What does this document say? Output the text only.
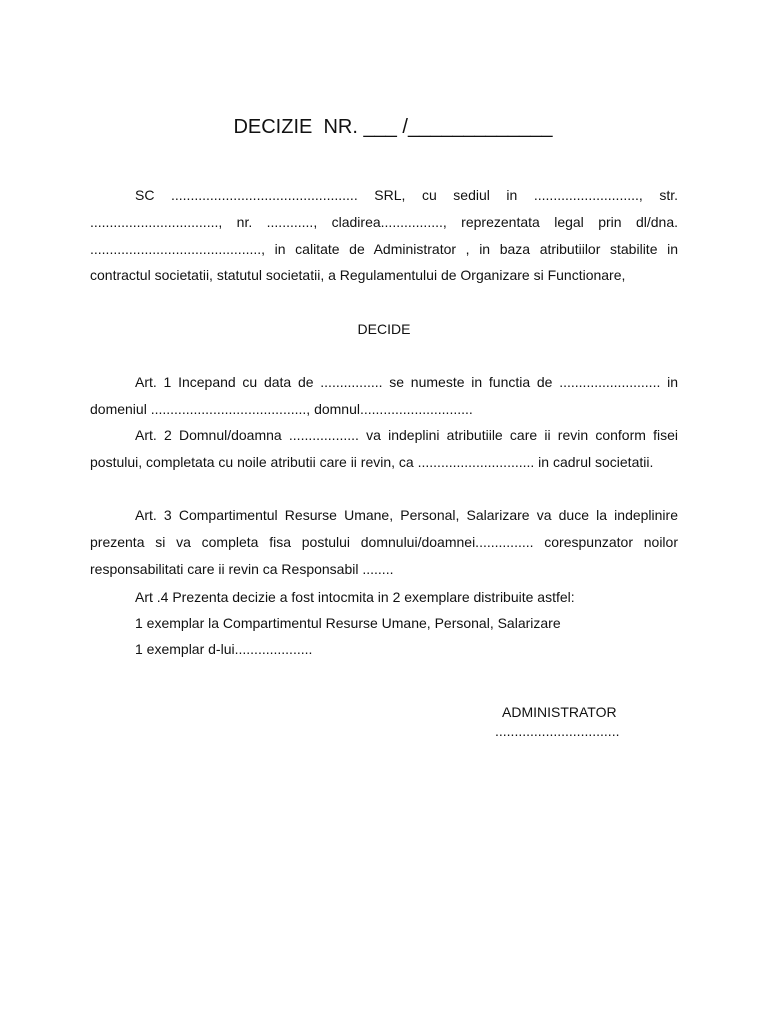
DECIZIE  NR. ___ /_____________

SC ................................................ SRL, cu sediul in ..........................., str. ................................., nr. ............, cladirea................, reprezentata legal prin dl/dna. ............................................, in calitate de Administrator , in baza atributiilor stabilite in contractul societatii, statutul societatii, a Regulamentului de Organizare si Functionare,

DECIDE

Art. 1 Incepand cu data de ................ se numeste in functia de .......................... in domeniul ........................................, domnul.............................

Art. 2 Domnul/doamna .................. va indeplini atributiile care ii revin conform fisei postului, completata cu noile atributii care ii revin, ca .............................. in cadrul societatii.

Art. 3 Compartimentul Resurse Umane, Personal, Salarizare va duce la indeplinire prezenta si va completa fisa postului domnului/doamnei............... corespunzator noilor responsabilitati care ii revin ca Responsabil ........

Art .4 Prezenta decizie a fost intocmita in 2 exemplare distribuite astfel:
1 exemplar la Compartimentul Resurse Umane, Personal, Salarizare
1 exemplar d-lui....................
ADMINISTRATOR
................................
